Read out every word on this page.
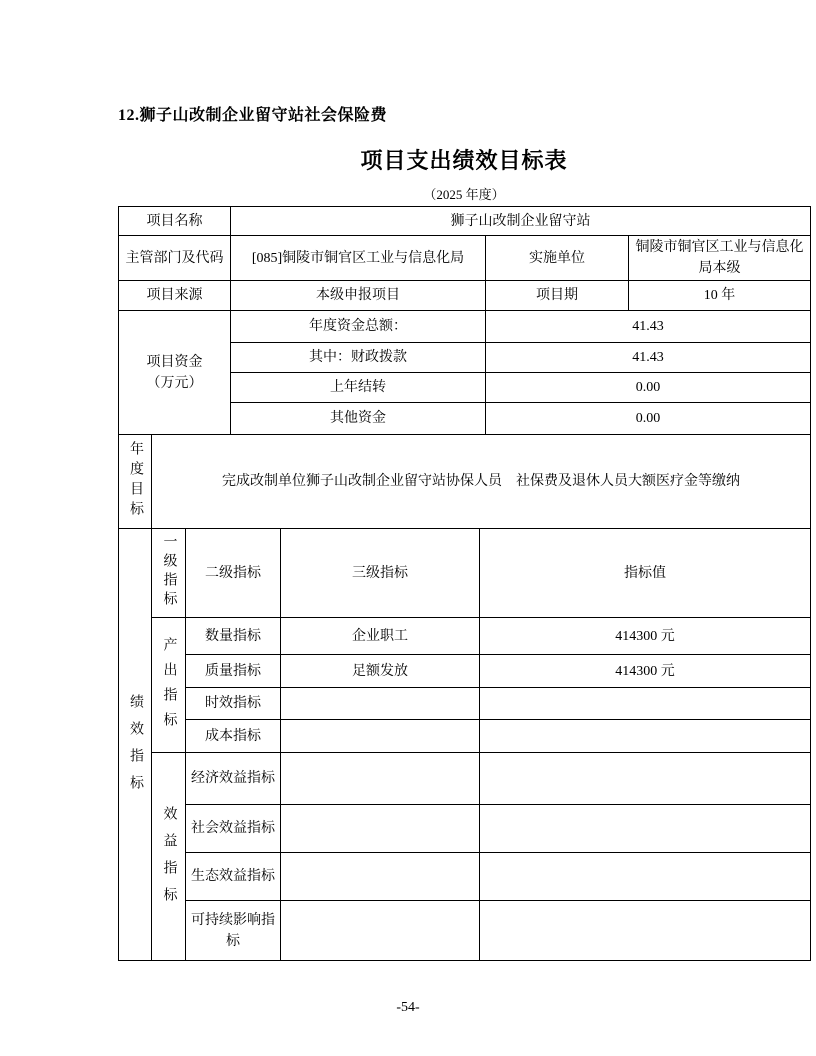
12.狮子山改制企业留守站社会保险费
项目支出绩效目标表
（2025 年度）
项目名称	狮子山改制企业留守站		
主管部门及代码	[085]铜陵市铜官区工业与信息化局	实施单位	铜陵市铜官区工业与信息化局本级
项目来源	本级申报项目	项目期	10 年
项目资金
（万元）	年度资金总额：	41.43
	其中：财政拨款	41.43
	上年结转	0.00
	其他资金	0.00
年度目标	完成改制单位狮子山改制企业留守站协保人员　社保费及退休人员大额医疗金等缴纳
绩效指标	一级指标	二级指标	三级指标	指标值
	产出指标	数量指标	企业职工	414300 元
		质量指标	足额发放	414300 元
		时效指标		
		成本指标		
	效益指标	经济效益指标		
		社会效益指标		
		生态效益指标		
		可持续影响指标		
-54-
